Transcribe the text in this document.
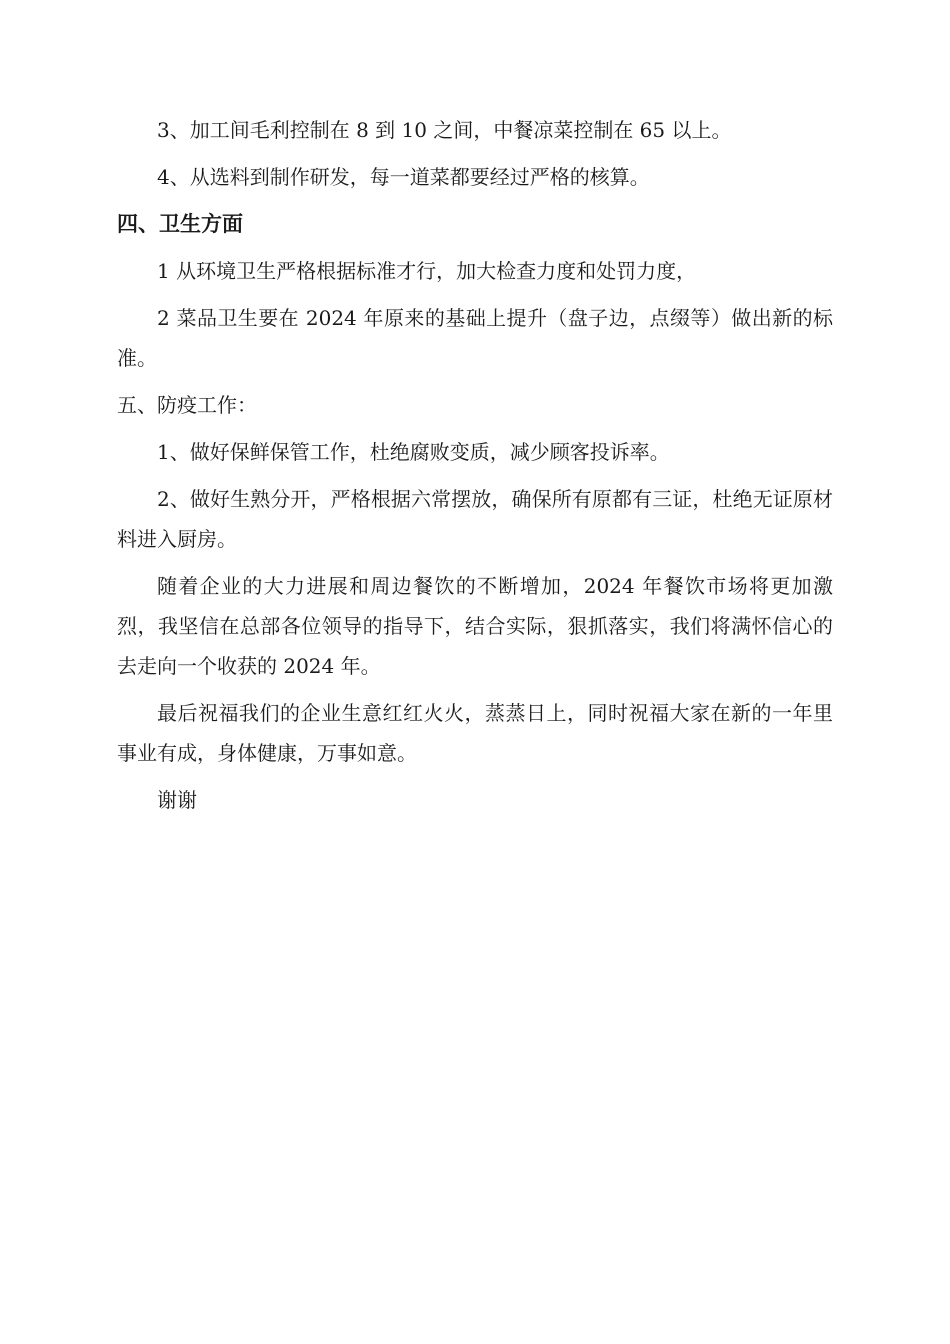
3、加工间毛利控制在 8 到 10 之间，中餐凉菜控制在 65 以上。

4、从选料到制作研发，每一道菜都要经过严格的核算。

四、卫生方面

1 从环境卫生严格根据标准才行，加大检查力度和处罚力度，

2 菜品卫生要在 2024 年原来的基础上提升（盘子边，点缀等）做出新的标准。

五、防疫工作：

1、做好保鲜保管工作，杜绝腐败变质，减少顾客投诉率。

2、做好生熟分开，严格根据六常摆放，确保所有原都有三证，杜绝无证原材料进入厨房。

随着企业的大力进展和周边餐饮的不断增加，2024 年餐饮市场将更加激烈，我坚信在总部各位领导的指导下，结合实际，狠抓落实，我们将满怀信心的去走向一个收获的 2024 年。

最后祝福我们的企业生意红红火火，蒸蒸日上，同时祝福大家在新的一年里事业有成，身体健康，万事如意。

谢谢
